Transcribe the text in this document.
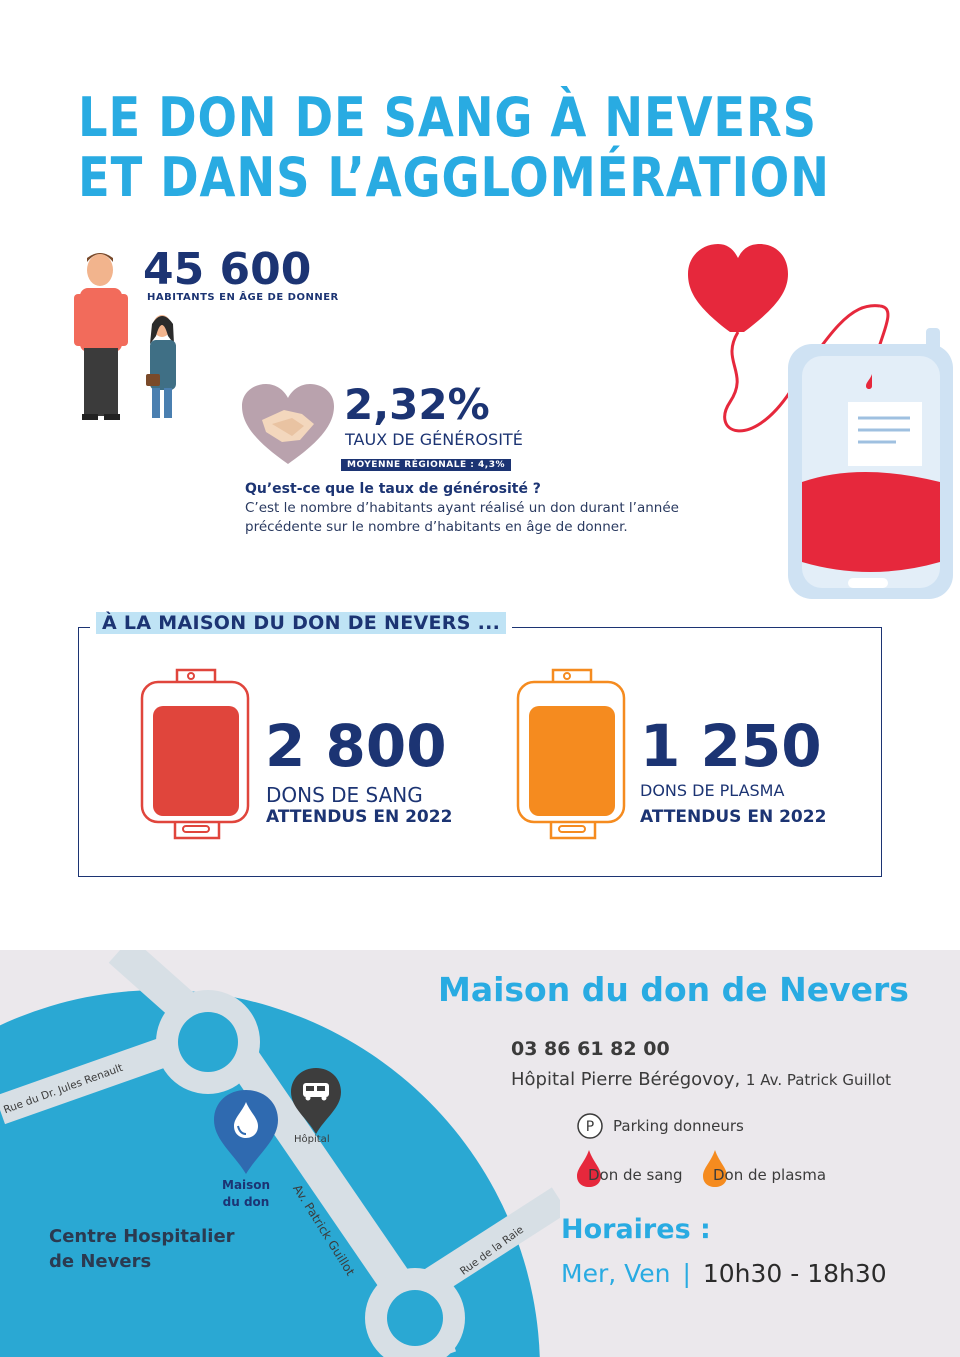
LE DON DE SANG À NEVERS
ET DANS L’AGGLOMÉRATION
45 600
HABITANTS EN ÂGE DE DONNER
2,32%
TAUX DE GÉNÉROSITÉ
MOYENNE RÉGIONALE : 4,3%
Qu’est-ce que le taux de générosité ?
C’est le nombre d’habitants ayant réalisé un don durant l’année
précédente sur le nombre d’habitants en âge de donner.
À LA MAISON DU DON DE NEVERS ...
2 800
DONS DE SANG
ATTENDUS EN 2022
1 250
DONS DE PLASMA
ATTENDUS EN 2022
Rue du Dr. Jules Renault
Av. Patrick Guillot	Rue de la Raie
Maison
du don
Hôpital
Centre Hospitalier
de Nevers
Maison du don de Nevers
03 86 61 82 00
Hôpital Pierre Bérégovoy, 1 Av. Patrick Guillot
P Parking donneurs
Don de sang Don de plasma
Horaires :
Mer, Ven | 10h30 - 18h30
